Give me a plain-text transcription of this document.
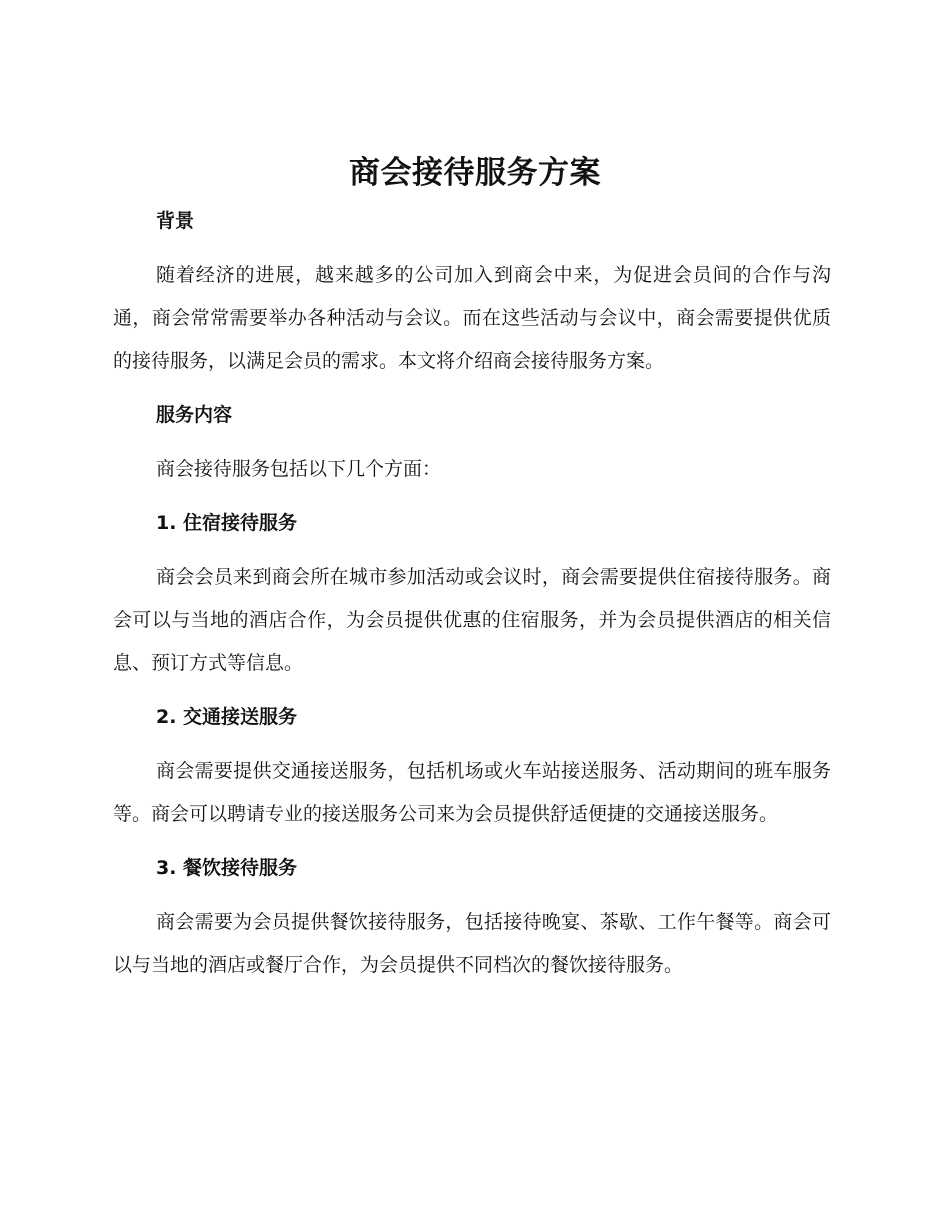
商会接待服务方案
背景

随着经济的进展，越来越多的公司加入到商会中来，为促进会员间的合作与沟通，商会常常需要举办各种活动与会议。而在这些活动与会议中，商会需要提供优质的接待服务，以满足会员的需求。本文将介绍商会接待服务方案。

服务内容

商会接待服务包括以下几个方面：

1. 住宿接待服务

商会会员来到商会所在城市参加活动或会议时，商会需要提供住宿接待服务。商会可以与当地的酒店合作，为会员提供优惠的住宿服务，并为会员提供酒店的相关信息、预订方式等信息。

2. 交通接送服务

商会需要提供交通接送服务，包括机场或火车站接送服务、活动期间的班车服务等。商会可以聘请专业的接送服务公司来为会员提供舒适便捷的交通接送服务。

3. 餐饮接待服务

商会需要为会员提供餐饮接待服务，包括接待晚宴、茶歇、工作午餐等。商会可以与当地的酒店或餐厅合作，为会员提供不同档次的餐饮接待服务。
